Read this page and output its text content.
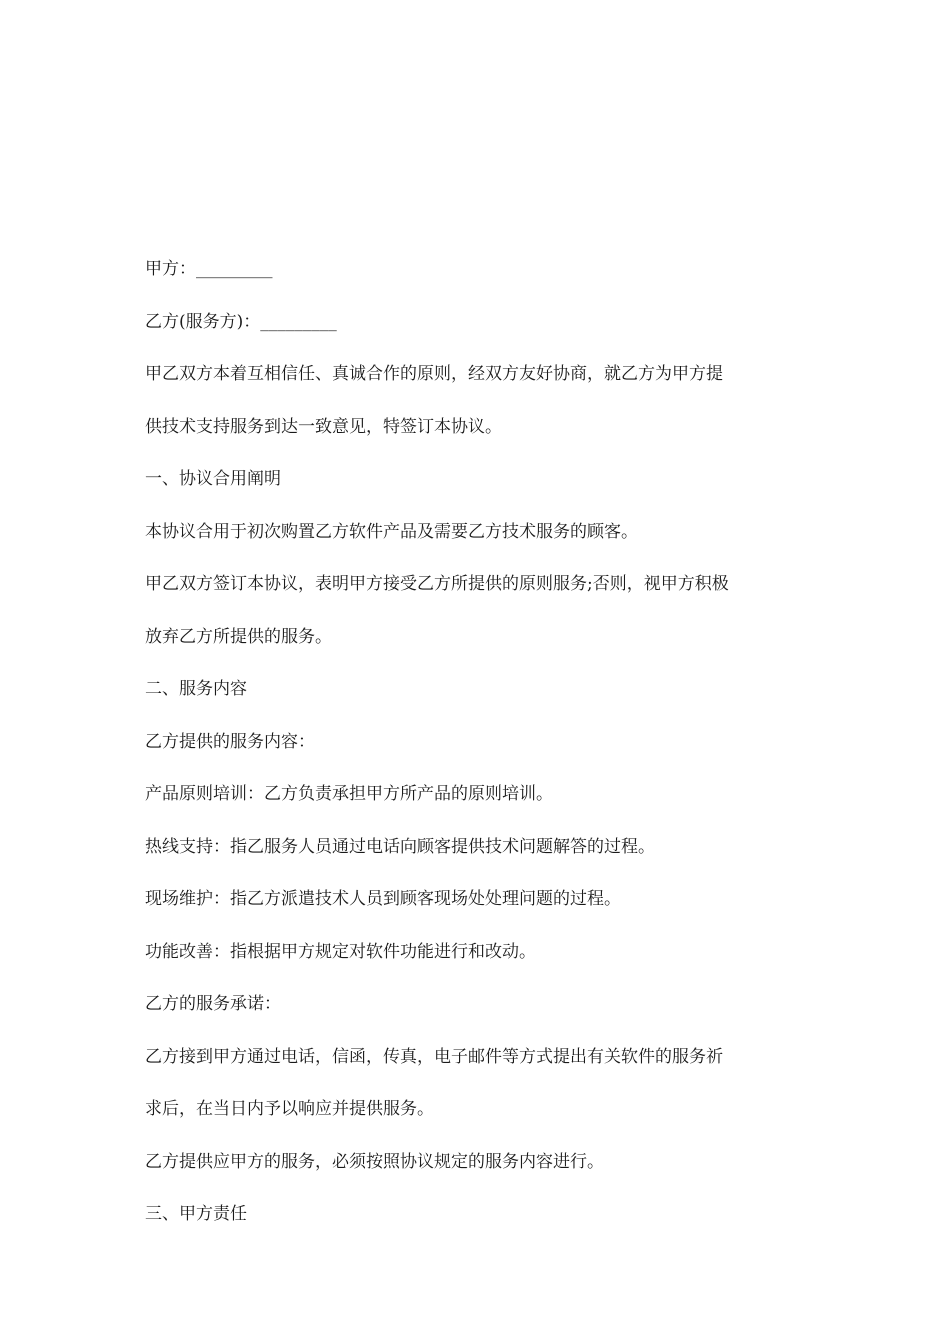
甲方：_________

乙方(服务方)：_________

甲乙双方本着互相信任、真诚合作的原则，经双方友好协商，就乙方为甲方提

供技术支持服务到达一致意见，特签订本协议。

一、协议合用阐明

本协议合用于初次购置乙方软件产品及需要乙方技术服务的顾客。

甲乙双方签订本协议，表明甲方接受乙方所提供的原则服务;否则，视甲方积极

放弃乙方所提供的服务。

二、服务内容

乙方提供的服务内容：

产品原则培训：乙方负责承担甲方所产品的原则培训。

热线支持：指乙服务人员通过电话向顾客提供技术问题解答的过程。

现场维护：指乙方派遣技术人员到顾客现场处处理问题的过程。

功能改善：指根据甲方规定对软件功能进行和改动。

乙方的服务承诺：

乙方接到甲方通过电话，信函，传真，电子邮件等方式提出有关软件的服务祈

求后，在当日内予以响应并提供服务。

乙方提供应甲方的服务，必须按照协议规定的服务内容进行。

三、甲方责任
